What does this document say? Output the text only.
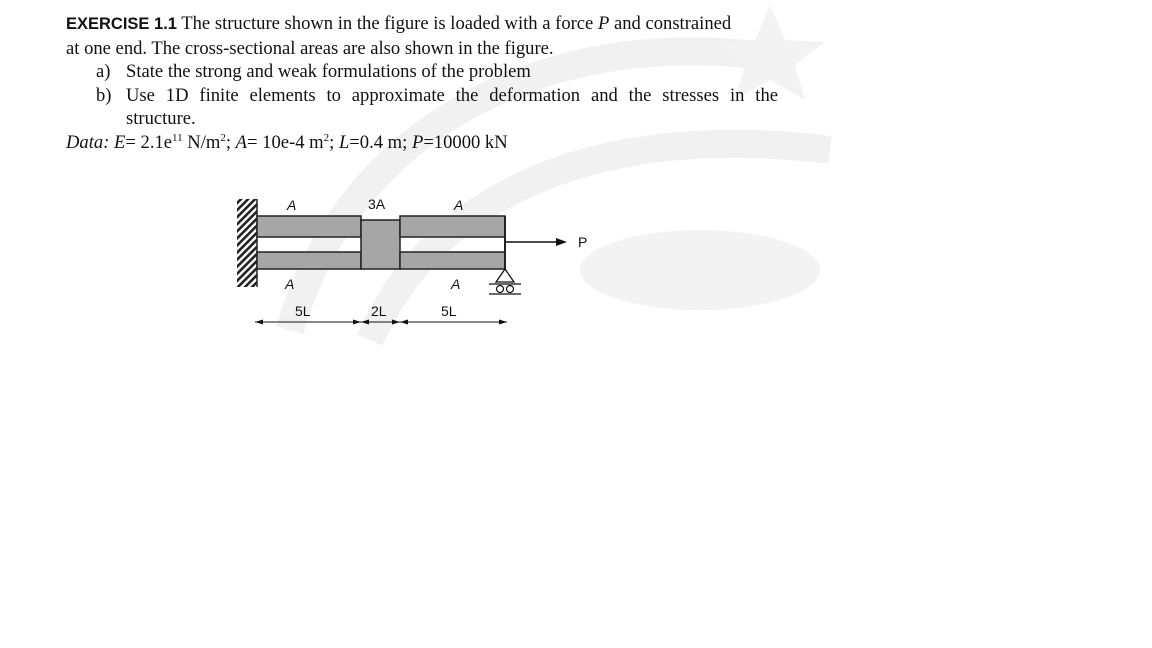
EXERCISE 1.1 The structure shown in the figure is loaded with a force P and constrained
at one end. The cross-sectional areas are also shown in the figure.
a) State the strong and weak formulations of the problem
b) Use 1D finite elements to approximate the deformation and the stresses in the
structure.
Data: $E= 2.1e^{11}$ $N/m^2$; A= 10e-4 $m^2$; L=0.4 m; P=10000 kN
P
A	3A	A
A	A
5L	2L	5L
